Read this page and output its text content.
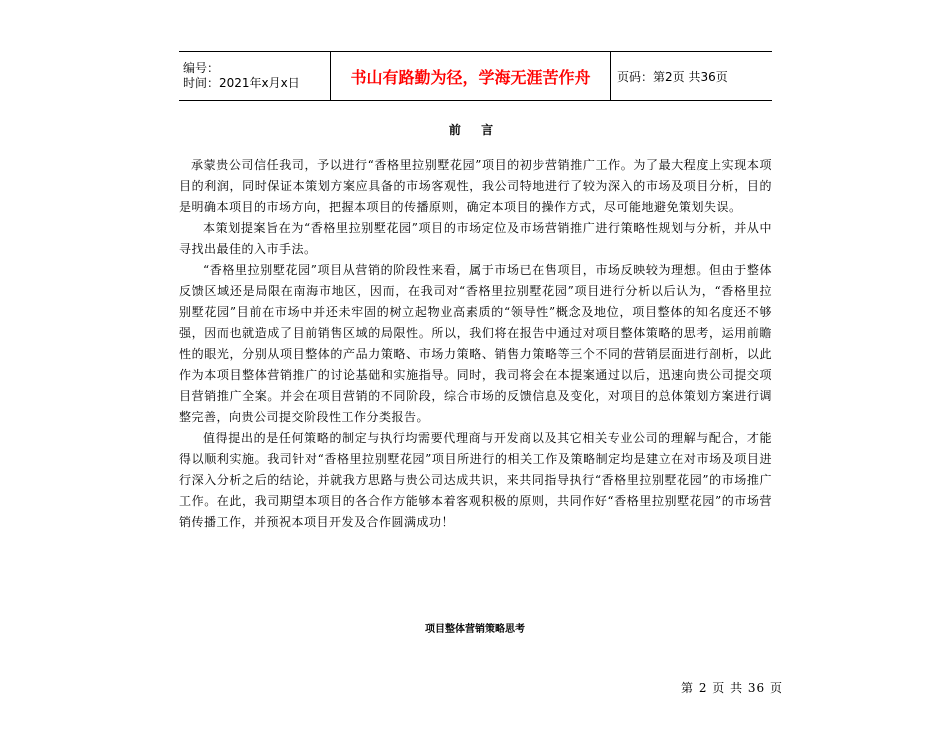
编号：
时间：2021年x月x日	书山有路勤为径，学海无涯苦作舟	页码：第2页 共36页
前 言

承蒙贵公司信任我司，予以进行“香格里拉别墅花园”项目的初步营销推广工作。为了最大程度上实现本项目的利润，同时保证本策划方案应具备的市场客观性，我公司特地进行了较为深入的市场及项目分析，目的是明确本项目的市场方向，把握本项目的传播原则，确定本项目的操作方式，尽可能地避免策划失误。

本策划提案旨在为“香格里拉别墅花园”项目的市场定位及市场营销推广进行策略性规划与分析，并从中寻找出最佳的入市手法。

“香格里拉别墅花园”项目从营销的阶段性来看，属于市场已在售项目，市场反映较为理想。但由于整体反馈区域还是局限在南海市地区，因而，在我司对“香格里拉别墅花园”项目进行分析以后认为，“香格里拉别墅花园”目前在市场中并还未牢固的树立起物业高素质的“领导性”概念及地位，项目整体的知名度还不够强，因而也就造成了目前销售区域的局限性。所以，我们将在报告中通过对项目整体策略的思考，运用前瞻性的眼光，分别从项目整体的产品力策略、市场力策略、销售力策略等三个不同的营销层面进行剖析，以此作为本项目整体营销推广的讨论基础和实施指导。同时，我司将会在本提案通过以后，迅速向贵公司提交项目营销推广全案。并会在项目营销的不同阶段，综合市场的反馈信息及变化，对项目的总体策划方案进行调整完善，向贵公司提交阶段性工作分类报告。

值得提出的是任何策略的制定与执行均需要代理商与开发商以及其它相关专业公司的理解与配合，才能得以顺利实施。我司针对“香格里拉别墅花园”项目所进行的相关工作及策略制定均是建立在对市场及项目进行深入分析之后的结论，并就我方思路与贵公司达成共识，来共同指导执行“香格里拉别墅花园”的市场推广工作。在此，我司期望本项目的各合作方能够本着客观积极的原则，共同作好“香格里拉别墅花园”的市场营销传播工作，并预祝本项目开发及合作圆满成功！

项目整体营销策略思考
第 2 页 共 36 页
